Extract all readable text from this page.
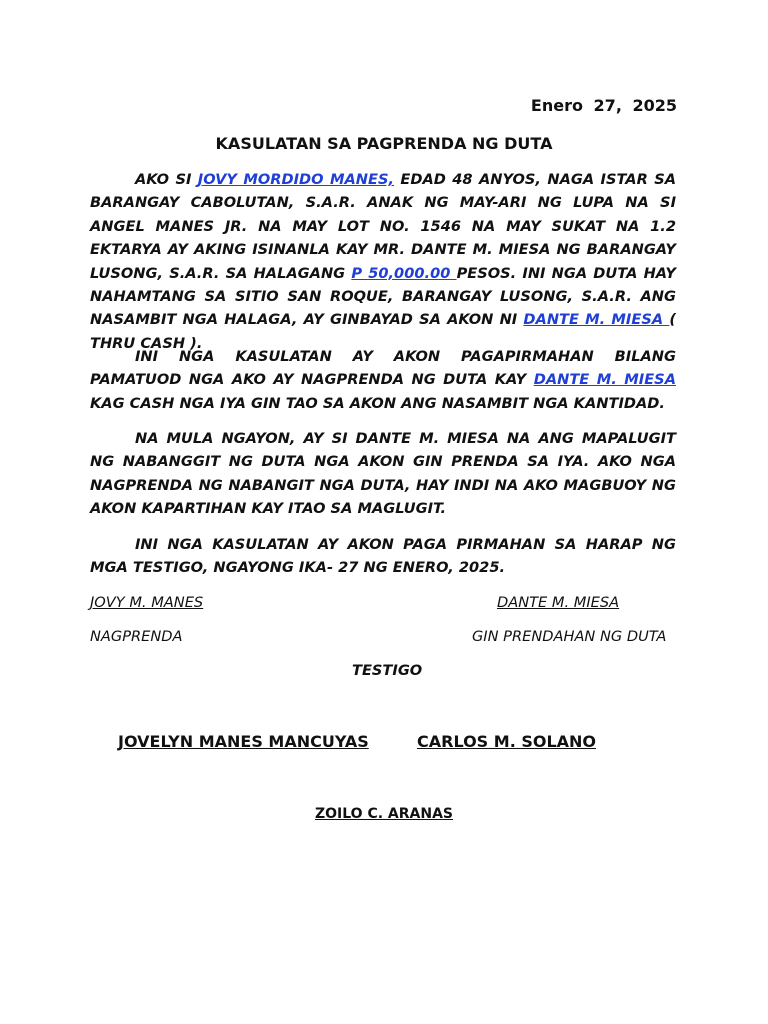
Enero 27, 2025
KASULATAN SA PAGPRENDA NG DUTA

AKO SI JOVY MORDIDO MANES, EDAD 48 ANYOS, NAGA ISTAR SA BARANGAY CABOLUTAN, S.A.R. ANAK NG MAY-ARI NG LUPA NA SI ANGEL MANES JR. NA MAY LOT NO. 1546 NA MAY SUKAT NA 1.2 EKTARYA AY AKING ISINANLA KAY MR. DANTE M. MIESA NG BARANGAY LUSONG, S.A.R. SA HALAGANG P 50,000.00 PESOS. INI NGA DUTA HAY NAHAMTANG SA SITIO SAN ROQUE, BARANGAY LUSONG, S.A.R. ANG NASAMBIT NGA HALAGA, AY GINBAYAD SA AKON NI DANTE M. MIESA ( THRU CASH ).

INI NGA KASULATAN AY AKON PAGAPIRMAHAN BILANG PAMATUOD NGA AKO AY NAGPRENDA NG DUTA KAY DANTE M. MIESA KAG CASH NGA IYA GIN TAO SA AKON ANG NASAMBIT NGA KANTIDAD.

NA MULA NGAYON, AY SI DANTE M. MIESA NA ANG MAPALUGIT NG NABANGGIT NG DUTA NGA AKON GIN PRENDA SA IYA. AKO NGA NAGPRENDA NG NABANGIT NGA DUTA, HAY INDI NA AKO MAGBUOY NG AKON KAPARTIHAN KAY ITAO SA MAGLUGIT.

INI NGA KASULATAN AY AKON PAGA PIRMAHAN SA HARAP NG MGA TESTIGO, NGAYONG IKA- 27 NG ENERO, 2025.

JOVY M. MANES	DANTE M. MIESA
NAGPRENDA	GIN PRENDAHAN NG DUTA
TESTIGO
JOVELYN MANES MANCUYAS	CARLOS M. SOLANO
ZOILO C. ARANAS
